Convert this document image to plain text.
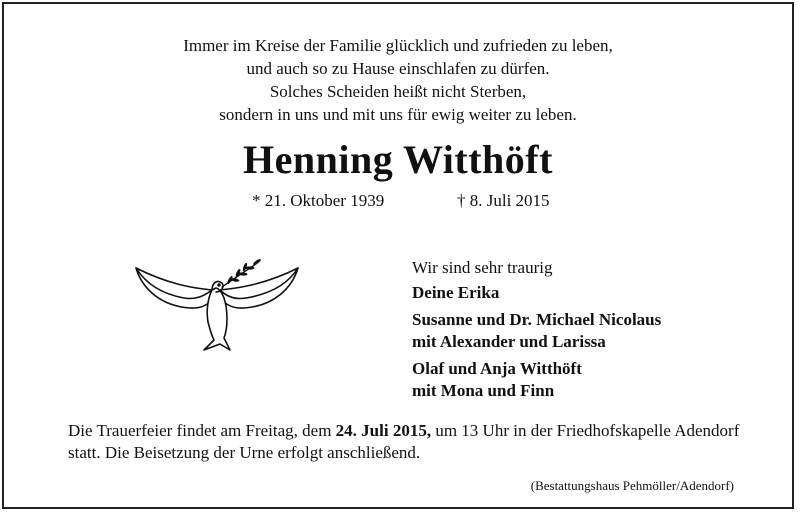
Immer im Kreise der Familie glücklich und zufrieden zu leben,
und auch so zu Hause einschlafen zu dürfen.
Solches Scheiden heißt nicht Sterben,
sondern in uns und mit uns für ewig weiter zu leben.
Henning Witthöft
* 21. Oktober 1939	† 8. Juli 2015
Wir sind sehr traurig
Deine Erika
Susanne und Dr. Michael Nicolaus
mit Alexander und Larissa
Olaf und Anja Witthöft
mit Mona und Finn
Die Trauerfeier findet am Freitag, dem 24. Juli 2015, um 13 Uhr in der Friedhofskapelle Adendorf statt. Die Beisetzung der Urne erfolgt anschließend.
(Bestattungshaus Pehmöller/Adendorf)
